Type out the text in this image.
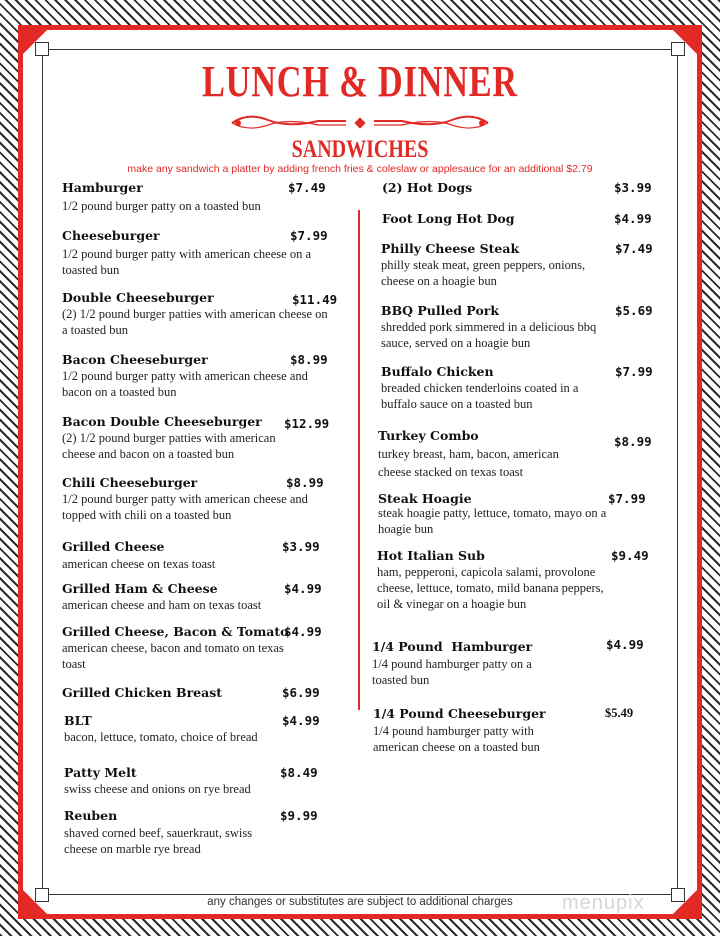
LUNCH & DINNER
SANDWICHES
make any sandwich a platter by adding french fries & coleslaw or applesauce for an additional $2.79
Hamburger	$7.49
1/2 pound burger patty on a toasted bun
Cheeseburger	$7.99
1/2 pound burger patty with american cheese on a toasted bun
Double Cheeseburger	$11.49
(2) 1/2 pound burger patties with american cheese on a toasted bun
Bacon Cheeseburger	$8.99
1/2 pound burger patty with american cheese and bacon on a toasted bun
Bacon Double Cheeseburger $12.99
(2) 1/2 pound burger patties with american cheese and bacon on a toasted bun
Chili Cheeseburger	$8.99
1/2 pound burger patty with american cheese and topped with chili on a toasted bun
Grilled Cheese	$3.99
american cheese on texas toast
Grilled Ham & Cheese	$4.99
american cheese and ham on texas toast
Grilled Cheese, Bacon & Tomato
$4.99
american cheese, bacon and tomato on texas toast
Grilled Chicken Breast	$6.99
BLT	$4.99
bacon, lettuce, tomato, choice of bread
Patty Melt	$8.49
swiss cheese and onions on rye bread
Reuben	$9.99
shaved corned beef, sauerkraut, swiss cheese on marble rye bread
(2) Hot Dogs	$3.99
Foot Long Hot Dog	$4.99
Philly Cheese Steak	$7.49
philly steak meat, green peppers, onions, cheese on a hoagie bun
BBQ Pulled Pork	$5.69
shredded pork simmered in a delicious bbq sauce, served on a hoagie bun
Buffalo Chicken	$7.99
breaded chicken tenderloins coated in a buffalo sauce on a toasted bun
Turkey Combo	$8.99
turkey breast, ham, bacon, american cheese stacked on texas toast
Steak Hoagie	$7.99
steak hoagie patty, lettuce, tomato, mayo on a hoagie bun
Hot Italian Sub	$9.49
ham, pepperoni, capicola salami, provolone cheese, lettuce, tomato, mild banana peppers, oil & vinegar on a hoagie bun
1/4 Pound  Hamburger	$4.99
1/4 pound hamburger patty on a toasted bun
1/4 Pound Cheeseburger	$5.49
1/4 pound hamburger patty with american cheese on a toasted bun
any changes or substitutes are subject to additional charges	menupix
